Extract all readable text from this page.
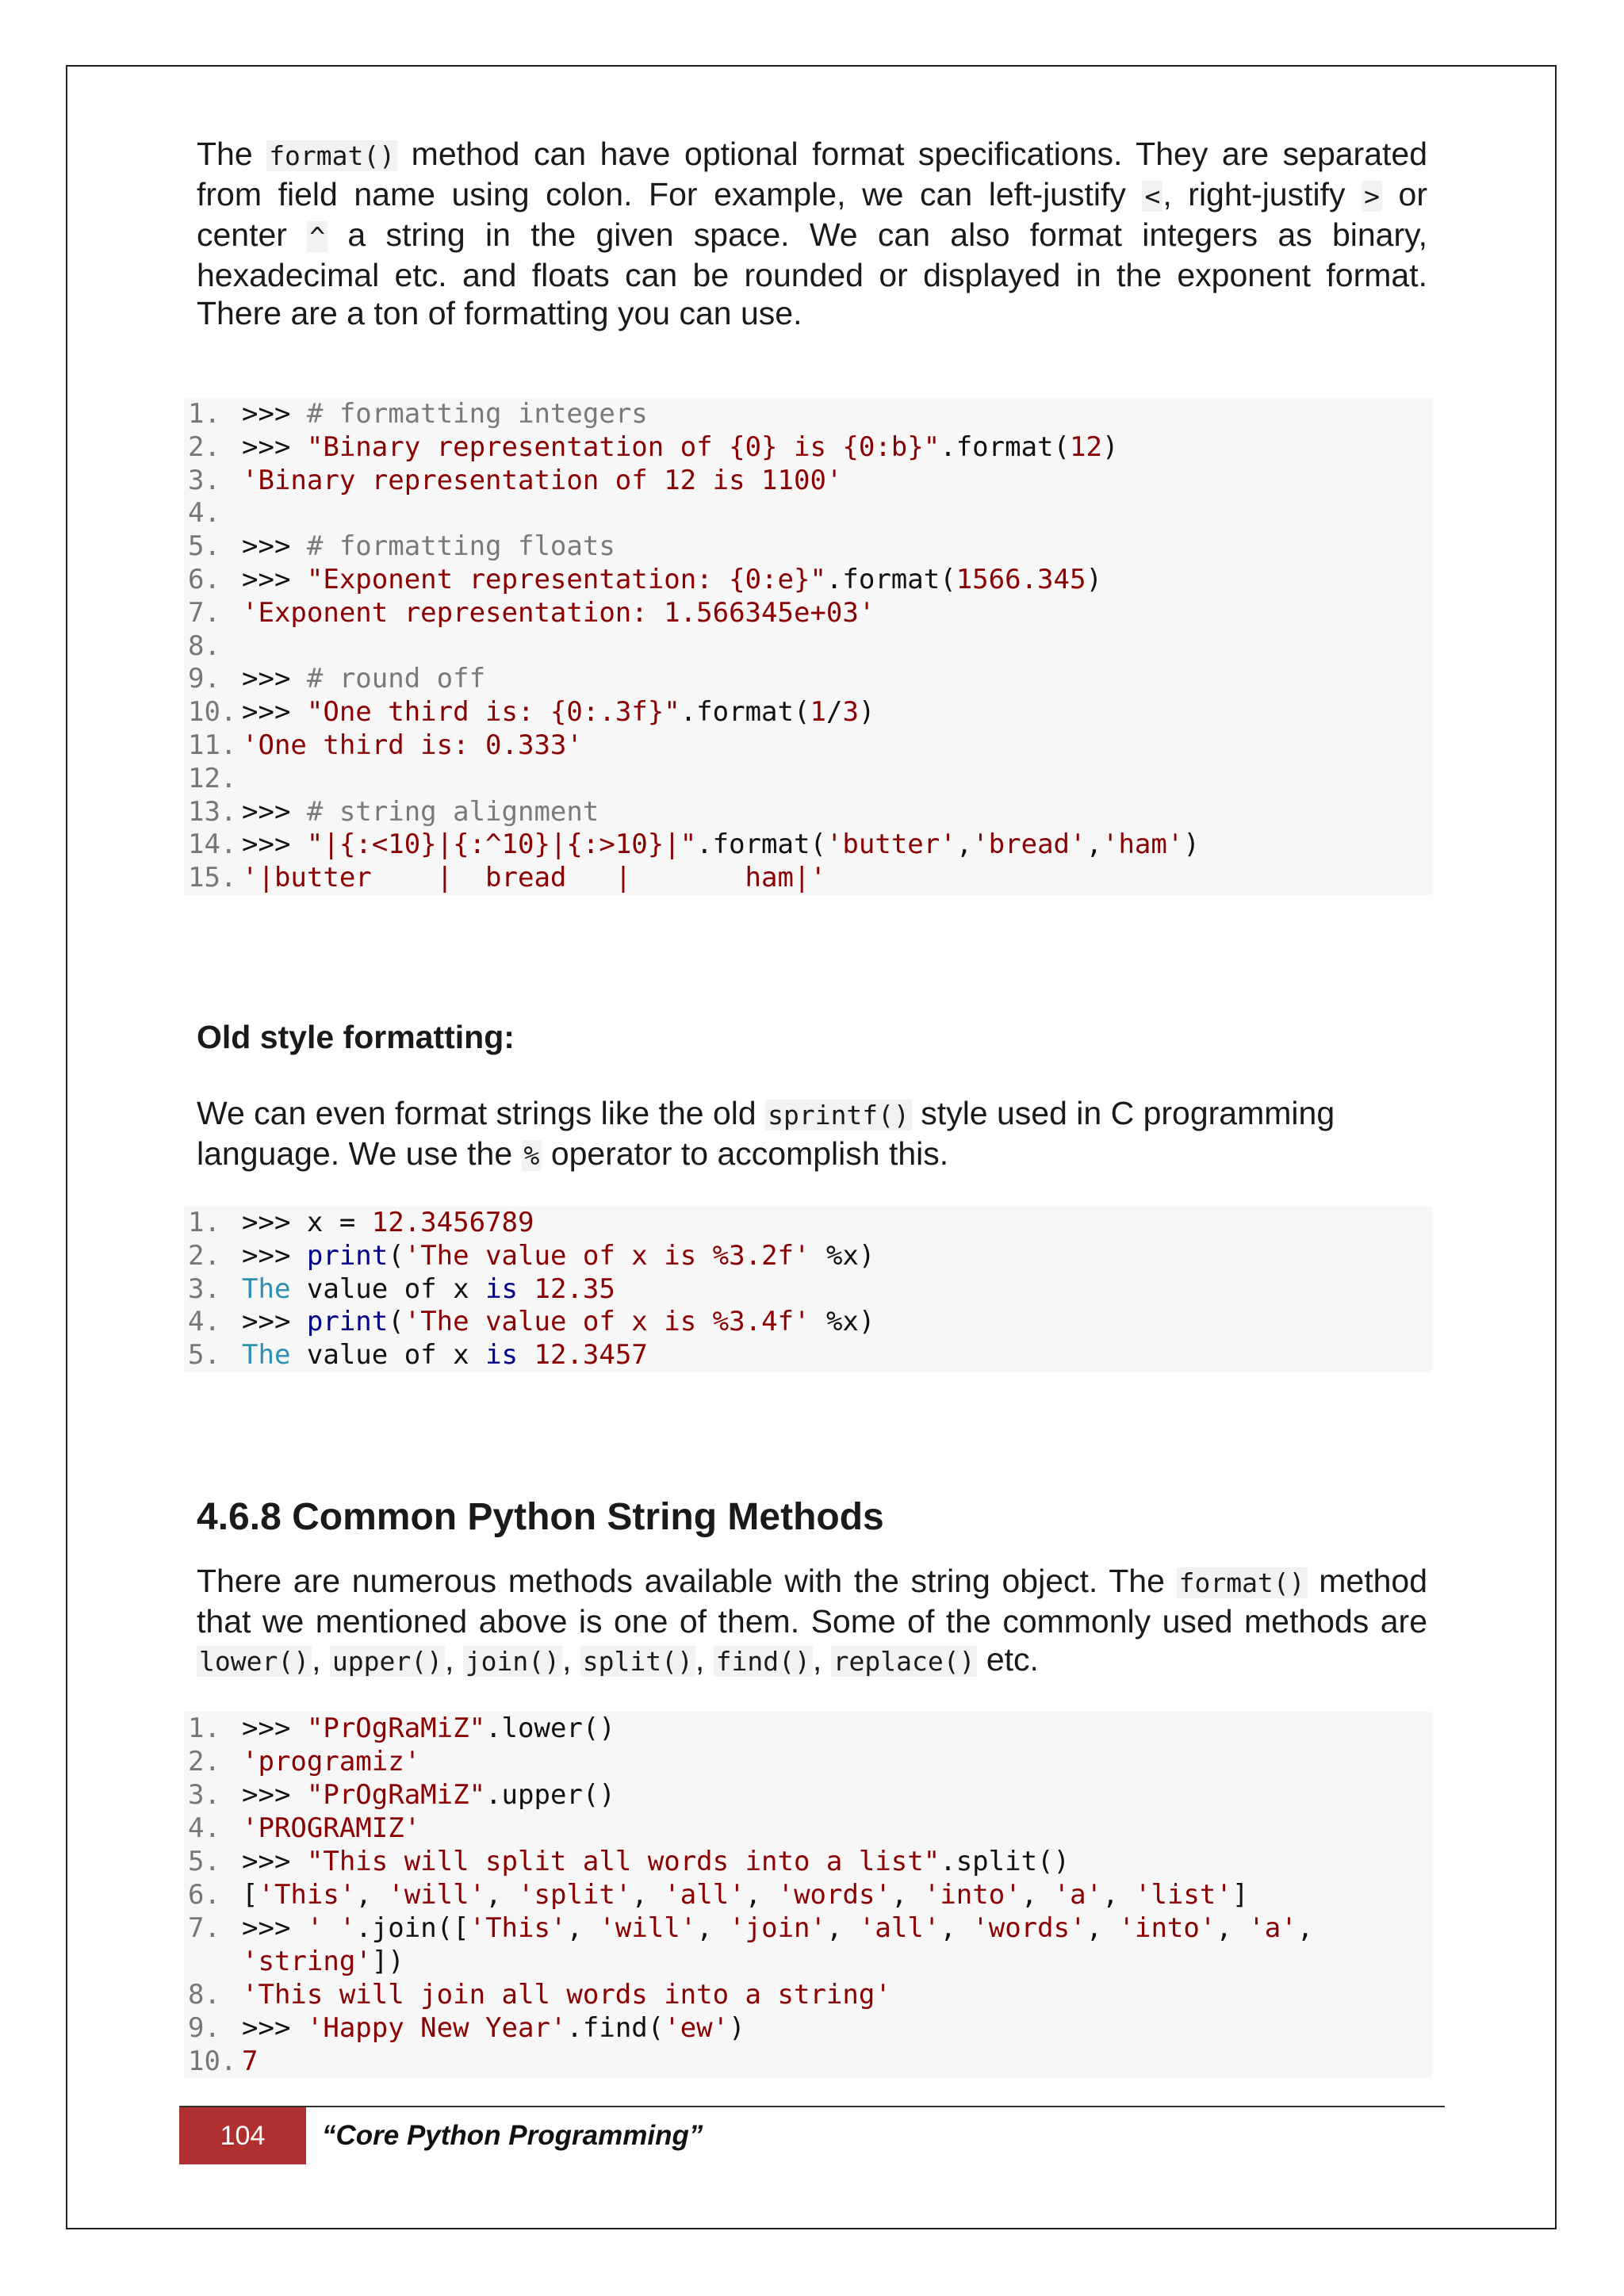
The format() method can have optional format specifications. They are separated from field name using colon. For example, we can left-justify <, right-justify > or center ^ a string in the given space. We can also format integers as binary, hexadecimal etc. and floats can be rounded or displayed in the exponent format. There are a ton of formatting you can use.

1. >>> # formatting integers
2. >>> "Binary representation of {0} is {0:b}".format(12)
3. 'Binary representation of 12 is 1100'
4.
5. >>> # formatting floats
6. >>> "Exponent representation: {0:e}".format(1566.345)
7. 'Exponent representation: 1.566345e+03'
8.
9. >>> # round off
10. >>> "One third is: {0:.3f}".format(1/3)
11. 'One third is: 0.333'
12.
13. >>> # string alignment
14. >>> "|{:<10}|{:^10}|{:>10}|".format('butter','bread','ham')
15. '|butter    |  bread   |       ham|'
Old style formatting:

We can even format strings like the old sprintf() style used in C programming language. We use the % operator to accomplish this.

1. >>> x = 12.3456789
2. >>> print('The value of x is %3.2f' %x)
3. The value of x is 12.35
4. >>> print('The value of x is %3.4f' %x)
5. The value of x is 12.3457
4.6.8 Common Python String Methods

There are numerous methods available with the string object. The format() method that we mentioned above is one of them. Some of the commonly used methods are lower(), upper(), join(), split(), find(), replace() etc.

1. >>> "PrOgRaMiZ".lower()
2. 'programiz'
3. >>> "PrOgRaMiZ".upper()
4. 'PROGRAMIZ'
5. >>> "This will split all words into a list".split()
6. ['This', 'will', 'split', 'all', 'words', 'into', 'a', 'list']
7. >>> ' '.join(['This', 'will', 'join', 'all', 'words', 'into', 'a', 'string'])
8. 'This will join all words into a string'
9. >>> 'Happy New Year'.find('ew')
10. 7
104	“Core Python Programming”
